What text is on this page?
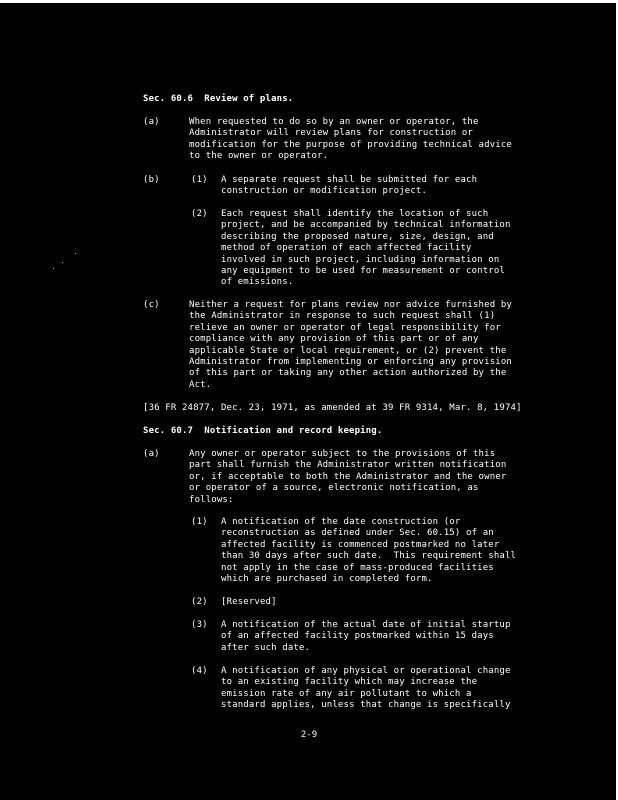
Sec. 60.6  Review of plans.
(a)	When requested to do so by an owner or operator, the
Administrator will review plans for construction or
modification for the purpose of providing technical advice
to the owner or operator.
(b)	(1) A separate request shall be submitted for each
construction or modification project.
(2) Each request shall identify the location of such
project, and be accompanied by technical information
describing the proposed nature, size, design, and
method of operation of each affected facility
involved in such project, including information on
any equipment to be used for measurement or control
of emissions.
(c)	Neither a request for plans review nor advice furnished by
the Administrator in response to such request shall (1)
relieve an owner or operator of legal responsibility for
compliance with any provision of this part or of any
applicable State or local requirement, or (2) prevent the
Administrator from implementing or enforcing any provision
of this part or taking any other action authorized by the
Act.
[36 FR 24877, Dec. 23, 1971, as amended at 39 FR 9314, Mar. 8, 1974]
Sec. 60.7  Notification and record keeping.
(a)	Any owner or operator subject to the provisions of this
part shall furnish the Administrator written notification
or, if acceptable to both the Administrator and the owner
or operator of a source, electronic notification, as
follows:
(1) A notification of the date construction (or
reconstruction as defined under Sec. 60.15) of an
affected facility is commenced postmarked no later
than 30 days after such date.  This requirement shall
not apply in the case of mass-produced facilities
which are purchased in completed form.
(2) [Reserved]
(3) A notification of the actual date of initial startup
of an affected facility postmarked within 15 days
after such date.
(4) A notification of any physical or operational change
to an existing facility which may increase the
emission rate of any air pollutant to which a
standard applies, unless that change is specifically
2-9
